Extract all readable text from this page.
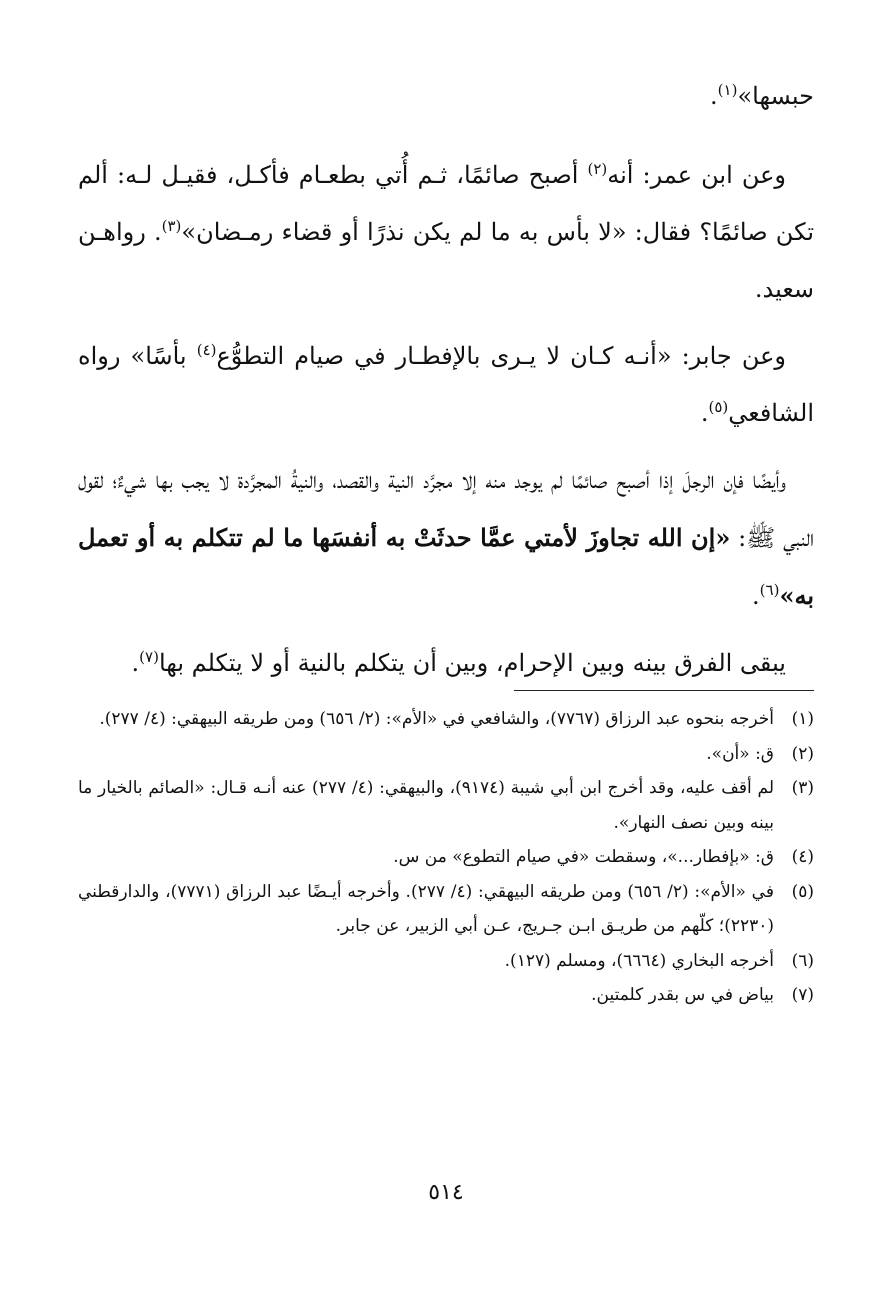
حبسها»$^{(١)}$.

وعن ابن عمر: أنه$^{(٢)}$ أصبح صائمًا، ثـم أُتي بطعـام فأكـل، فقيـل لـه: ألم تكن صائمًا؟ فقال: «لا بأس به ما لم يكن نذرًا أو قضاء رمـضان»$^{(٣)}$. رواهـن سعيد.

وعن جابر: «أنـه كـان لا يـرى بالإفطـار في صيام التطوُّع$^{(٤)}$ بأسًا» رواه الشافعي$^{(٥)}$.

وأيضًا فإن الرجلَ إذا أصبح صائمًا لم يوجد منه إلا مجرَّد النية والقصد، والنيةُ المجرَّدة لا يجب بها شيءٌ؛ لقول النبي ﷺ: «إن الله تجاوزَ لأمتي عمَّا حدثَتْ به أنفسَها ما لم تتكلم به أو تعمل به»$^{(٦)}$.

يبقى الفرق بينه وبين الإحرام، وبين أن يتكلم بالنية أو لا يتكلم بها$^{(٧)}$.

(١)
أخرجه بنحوه عبد الرزاق (٧٧٦٧)، والشافعي في «الأم»: (٢/ ٦٥٦) ومن طريقه البيهقي: (٤/ ٢٧٧).
(٢)
ق: «أن».
(٣)
لم أقف عليه، وقد أخرج ابن أبي شيبة (٩١٧٤)، والبيهقي: (٤/ ٢٧٧) عنه أنـه قـال: «الصائم بالخيار ما بينه وبين نصف النهار».
(٤)
ق: «بإفطار...»، وسقطت «في صيام التطوع» من س.
(٥)
في «الأم»: (٢/ ٦٥٦) ومن طريقه البيهقي: (٤/ ٢٧٧). وأخرجه أيـضًا عبد الرزاق (٧٧٧١)، والدارقطني (٢٢٣٠)؛ كلّهم من طريـق ابـن جـريج، عـن أبي الزبير، عن جابر.
(٦)
أخرجه البخاري (٦٦٦٤)، ومسلم (١٢٧).
(٧)
بياض في س بقدر كلمتين.
٥١٤
